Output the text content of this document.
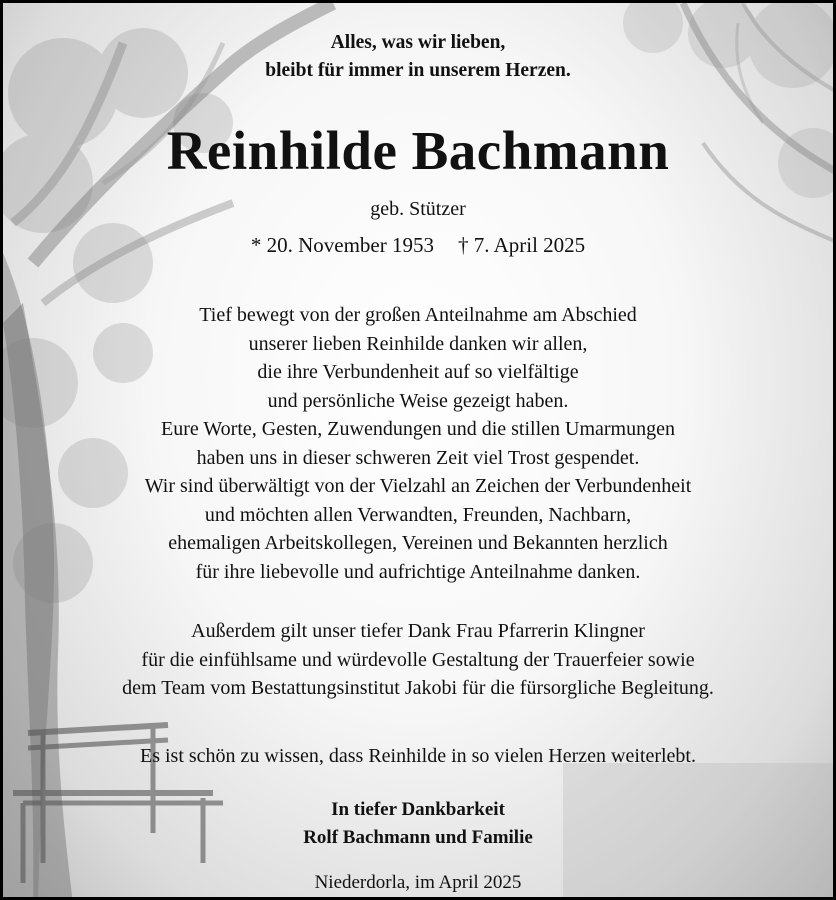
Alles, was wir lieben,
bleibt für immer in unserem Herzen.
Reinhilde Bachmann
geb. Stützer
* 20. November 1953 † 7. April 2025
Tief bewegt von der großen Anteilnahme am Abschied
unserer lieben Reinhilde danken wir allen,
die ihre Verbundenheit auf so vielfältige
und persönliche Weise gezeigt haben.
Eure Worte, Gesten, Zuwendungen und die stillen Umarmungen
haben uns in dieser schweren Zeit viel Trost gespendet.
Wir sind überwältigt von der Vielzahl an Zeichen der Verbundenheit
und möchten allen Verwandten, Freunden, Nachbarn,
ehemaligen Arbeitskollegen, Vereinen und Bekannten herzlich
für ihre liebevolle und aufrichtige Anteilnahme danken.
Außerdem gilt unser tiefer Dank Frau Pfarrerin Klingner
für die einfühlsame und würdevolle Gestaltung der Trauerfeier sowie
dem Team vom Bestattungsinstitut Jakobi für die fürsorgliche Begleitung.
Es ist schön zu wissen, dass Reinhilde in so vielen Herzen weiterlebt.
In tiefer Dankbarkeit
Rolf Bachmann und Familie
Niederdorla, im April 2025
